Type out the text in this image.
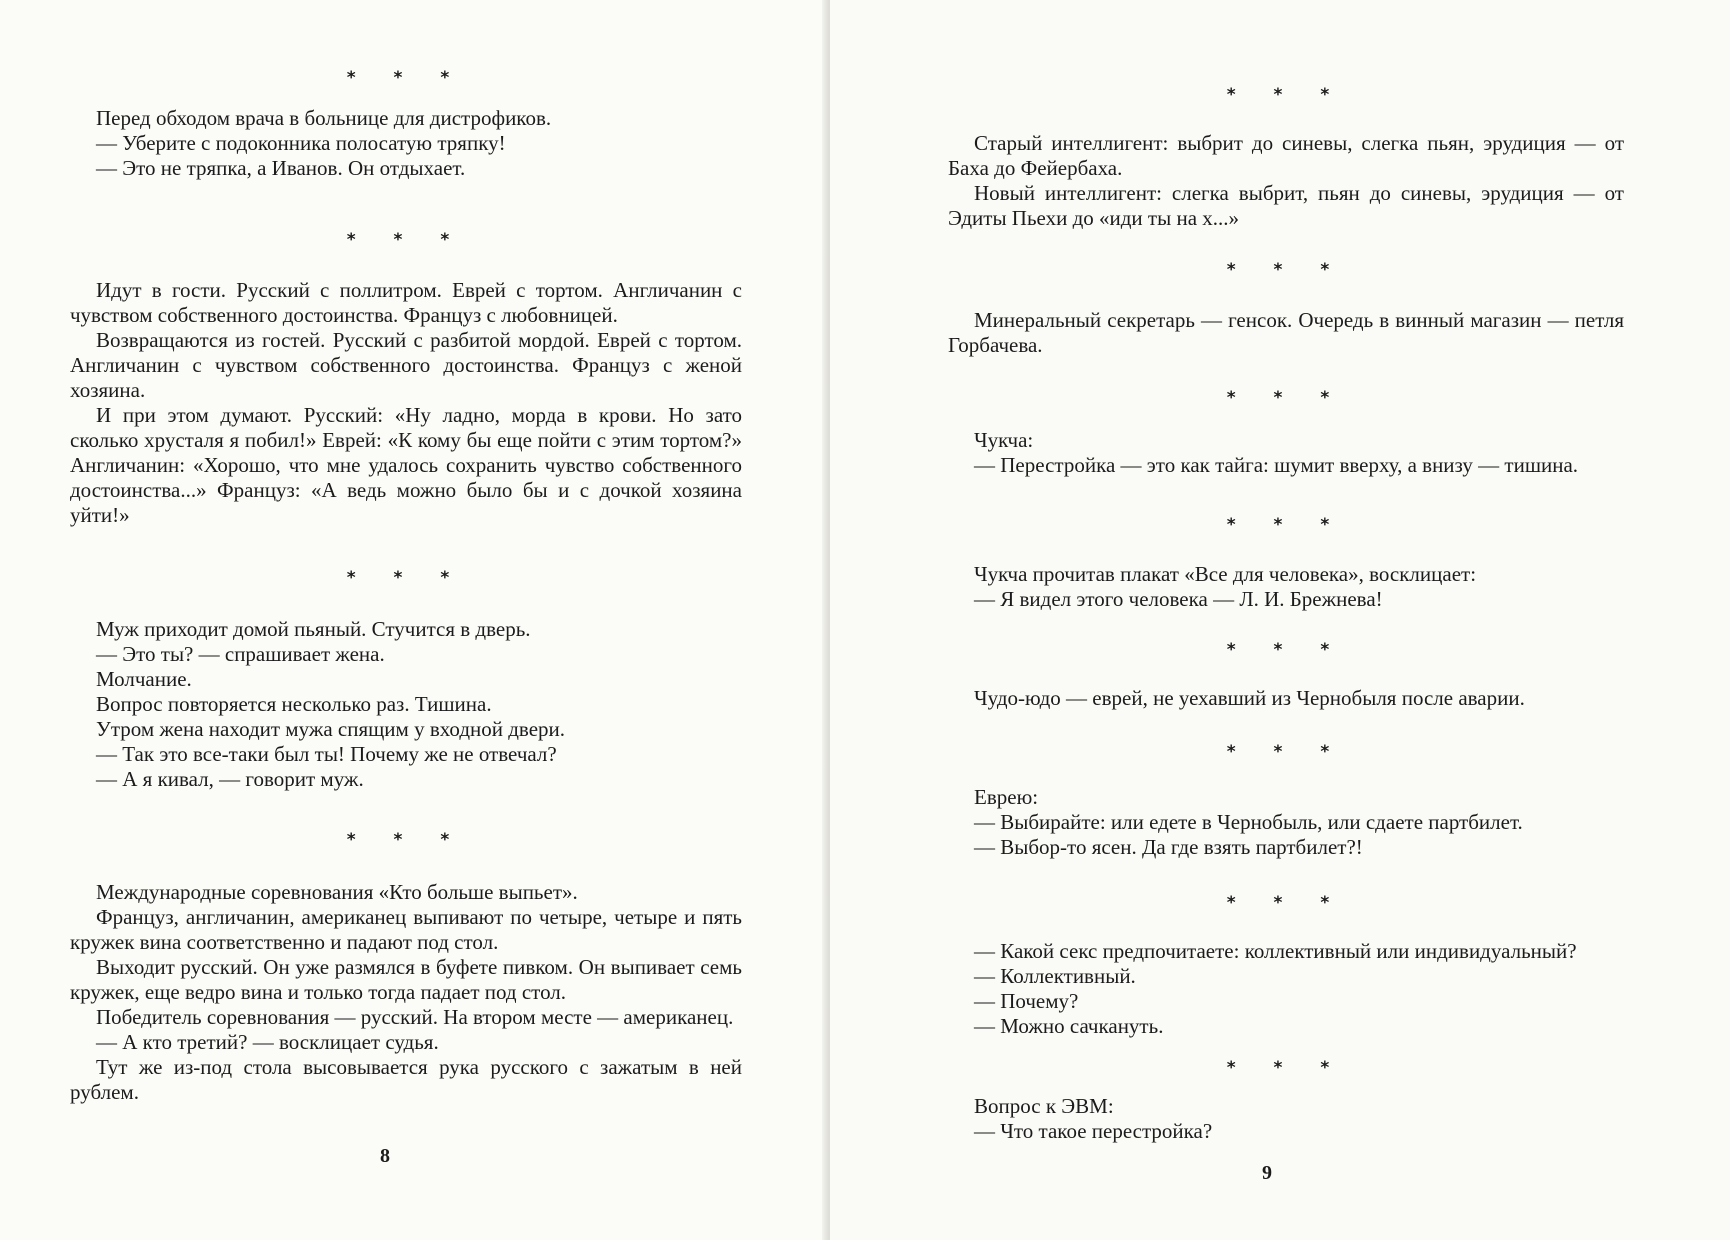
* * *

Перед обходом врача в больнице для дистрофиков.

— Уберите с подоконника полосатую тряпку!

— Это не тряпка, а Иванов. Он отдыхает.

* * *

Идут в гости. Русский с поллитром. Еврей с тортом. Англичанин с чувством собственного достоинства. Француз с любовницей.

Возвращаются из гостей. Русский с разбитой мордой. Еврей с тортом. Англичанин с чувством собственного достоинства. Француз с женой хозяина.

И при этом думают. Русский: «Ну ладно, морда в крови. Но зато сколько хрусталя я побил!» Еврей: «К кому бы еще пойти с этим тортом?» Англичанин: «Хорошо, что мне удалось сохранить чувство собственного достоинства...» Француз: «А ведь можно было бы и с дочкой хозяина уйти!»

* * *

Муж приходит домой пьяный. Стучится в дверь.

— Это ты? — спрашивает жена.

Молчание.

Вопрос повторяется несколько раз. Тишина.

Утром жена находит мужа спящим у входной двери.

— Так это все-таки был ты! Почему же не отвечал?

— А я кивал, — говорит муж.

* * *

Международные соревнования «Кто больше выпьет».

Француз, англичанин, американец выпивают по четыре, четыре и пять кружек вина соответственно и падают под стол.

Выходит русский. Он уже размялся в буфете пивком. Он выпивает семь кружек, еще ведро вина и только тогда падает под стол.

Победитель соревнования — русский. На втором месте — американец.

— А кто третий? — восклицает судья.

Тут же из-под стола высовывается рука русского с зажатым в ней рублем.

8
* * *

Старый интеллигент: выбрит до синевы, слегка пьян, эрудиция — от Баха до Фейербаха.

Новый интеллигент: слегка выбрит, пьян до синевы, эрудиция — от Эдиты Пьехи до «иди ты на х...»

* * *

Минеральный секретарь — генсок. Очередь в винный магазин — петля Горбачева.

* * *

Чукча:

— Перестройка — это как тайга: шумит вверху, а внизу — тишина.

* * *

Чукча прочитав плакат «Все для человека», восклицает:

— Я видел этого человека — Л. И. Брежнева!

* * *

Чудо-юдо — еврей, не уехавший из Чернобыля после аварии.

* * *

Еврею:

— Выбирайте: или едете в Чернобыль, или сдаете партбилет.

— Выбор-то ясен. Да где взять партбилет?!

* * *

— Какой секс предпочитаете: коллективный или индивидуальный?

— Коллективный.

— Почему?

— Можно сачкануть.

* * *

Вопрос к ЭВМ:

— Что такое перестройка?

9
